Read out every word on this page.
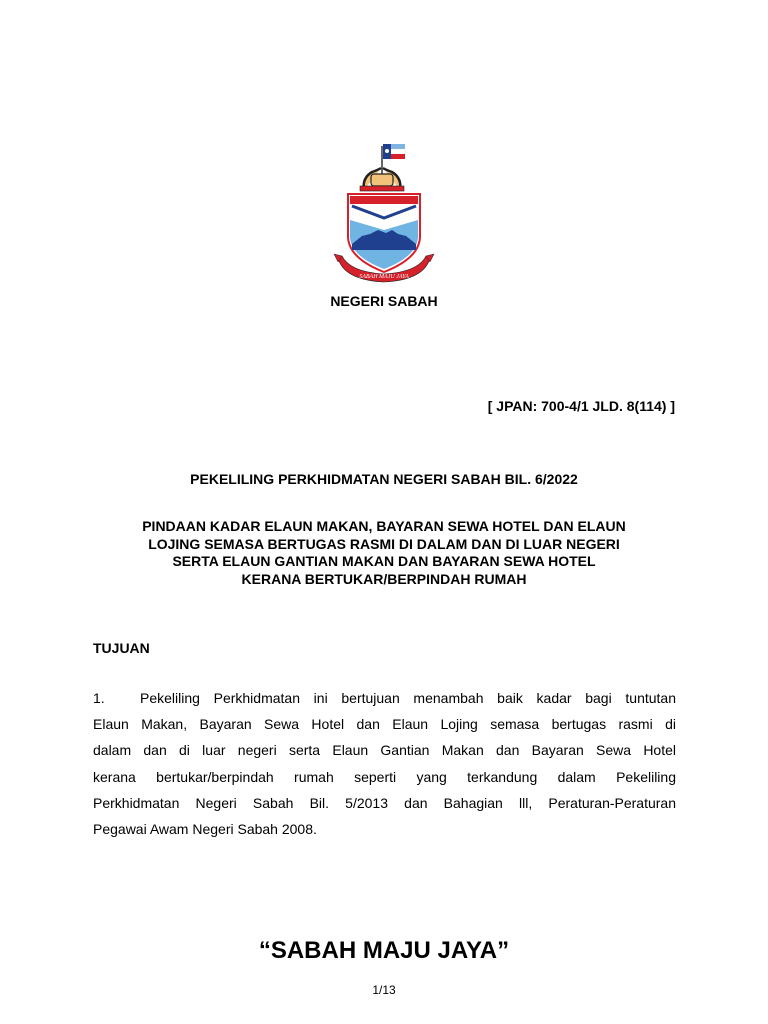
SABAH MAJU JAYA
NEGERI SABAH
[ JPAN: 700-4/1 JLD. 8(114) ]
PEKELILING PERKHIDMATAN NEGERI SABAH BIL. 6/2022
PINDAAN KADAR ELAUN MAKAN, BAYARAN SEWA HOTEL DAN ELAUN
LOJING SEMASA BERTUGAS RASMI DI DALAM DAN DI LUAR NEGERI
SERTA ELAUN GANTIAN MAKAN DAN BAYARAN SEWA HOTEL
KERANA BERTUKAR/BERPINDAH RUMAH
TUJUAN
1.	Pekeliling Perkhidmatan ini bertujuan menambah baik kadar bagi tuntutan
Elaun Makan, Bayaran Sewa Hotel dan Elaun Lojing semasa bertugas rasmi di
dalam dan di luar negeri serta Elaun Gantian Makan dan Bayaran Sewa Hotel
kerana bertukar/berpindah rumah seperti yang terkandung dalam Pekeliling
Perkhidmatan Negeri Sabah Bil. 5/2013 dan Bahagian lll, Peraturan-Peraturan
Pegawai Awam Negeri Sabah 2008.
“SABAH MAJU JAYA”
1/13
